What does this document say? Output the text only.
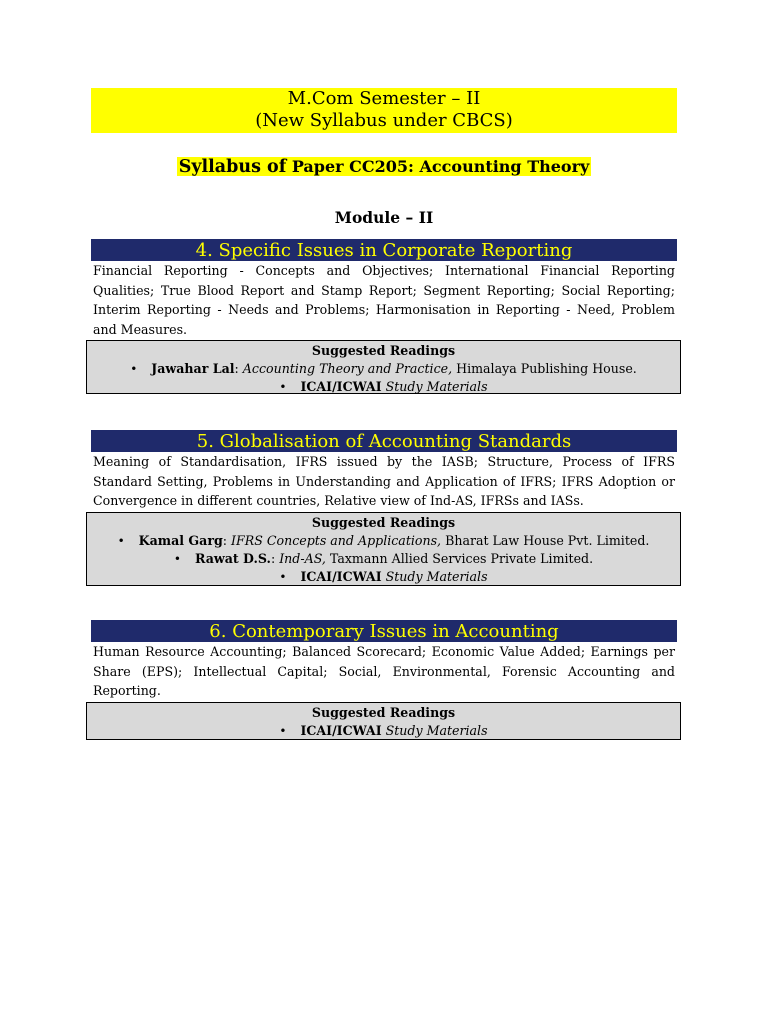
M.Com Semester – II
(New Syllabus under CBCS)
Syllabus of Paper CC205: Accounting Theory
Module – II
4. Specific Issues in Corporate Reporting
Financial Reporting - Concepts and Objectives; International Financial Reporting Qualities; True Blood Report and Stamp Report; Segment Reporting; Social Reporting; Interim Reporting - Needs and Problems; Harmonisation in Reporting - Need, Problem and Measures.
Suggested Readings
• Jawahar Lal: Accounting Theory and Practice, Himalaya Publishing House.
• ICAI/ICWAI Study Materials
5. Globalisation of Accounting Standards
Meaning of Standardisation, IFRS issued by the IASB; Structure, Process of IFRS Standard Setting, Problems in Understanding and Application of IFRS; IFRS Adoption or Convergence in different countries, Relative view of Ind-AS, IFRSs and IASs.
Suggested Readings
• Kamal Garg: IFRS Concepts and Applications, Bharat Law House Pvt. Limited.
• Rawat D.S.: Ind-AS, Taxmann Allied Services Private Limited.
• ICAI/ICWAI Study Materials
6. Contemporary Issues in Accounting
Human Resource Accounting; Balanced Scorecard; Economic Value Added; Earnings per Share (EPS); Intellectual Capital; Social, Environmental, Forensic Accounting and Reporting.
Suggested Readings
• ICAI/ICWAI Study Materials
